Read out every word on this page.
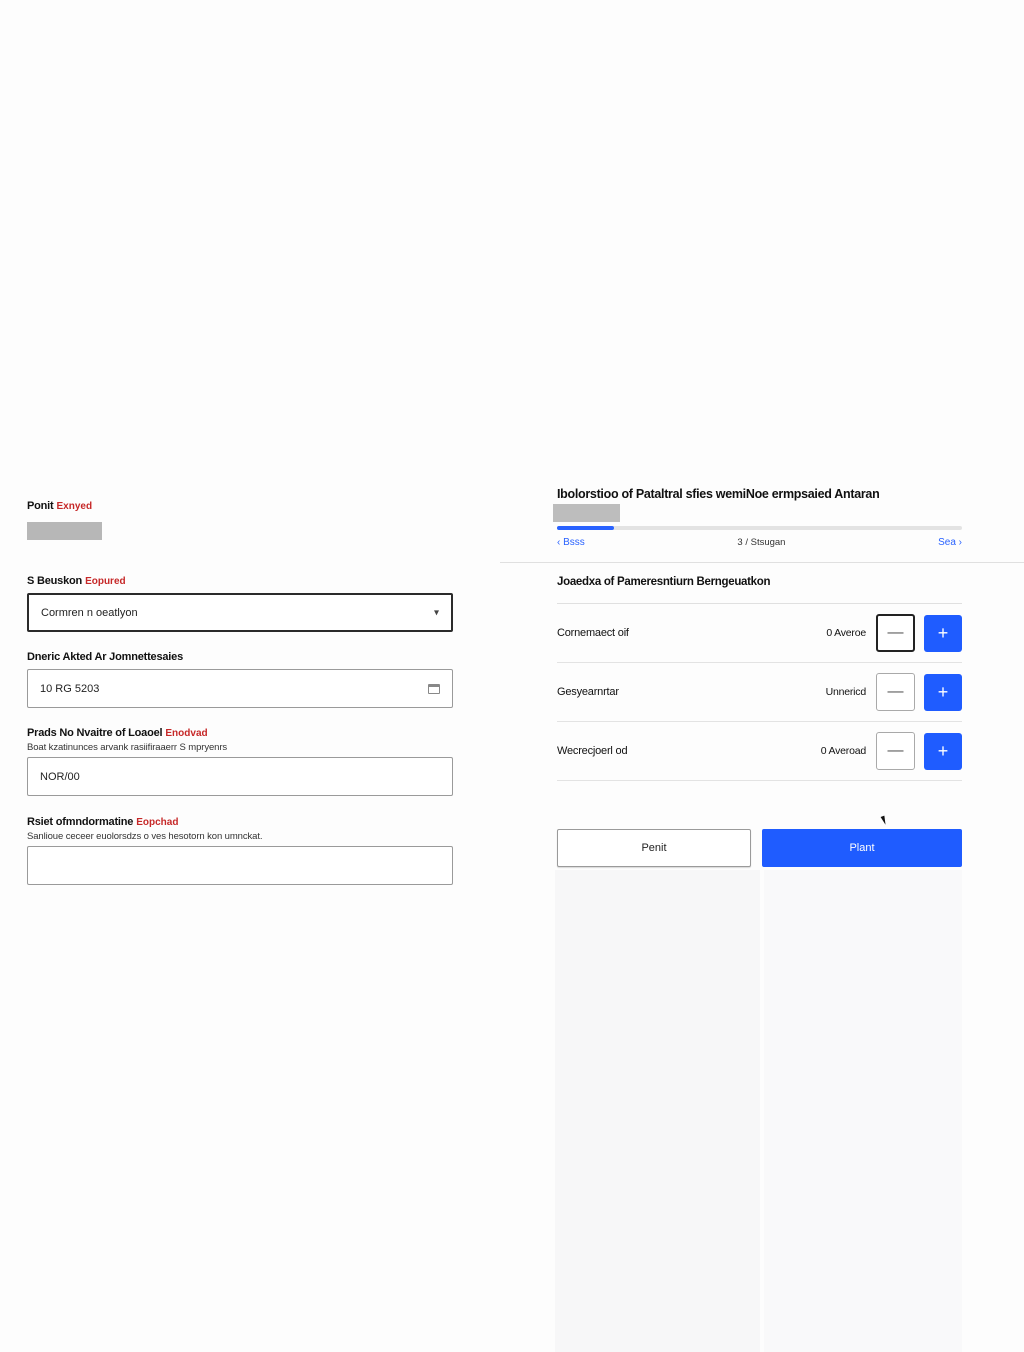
Ponit Exnyed
S Beuskon Eopured
Cormren n oeatlyon	▾
Dneric Akted Ar Jomnettesaies
10 RG 5203
Prads No Nvaitre of Loaoel Enodvad
Boat kzatinunces arvank rasiifiraaerr S mpryenrs
NOR/00
Rsiet ofmndormatine Eopchad
Sanlioue ceceer euolorsdzs o ves hesotorn kon umnckat.
Ibolorstioo of Pataltral sfies wemiNoe ermpsaied Antaran
‹ Bsss	3 / Stsugan	Sea ›
Joaedxa of Pameresntiurn Berngeuatkon
Cornemaect oif	0 Averoe	—	+
Gesyearnrtar	Unnericd	—	+
Wecrecjoerl od	0 Averoad	—	+
Penit	Plant
